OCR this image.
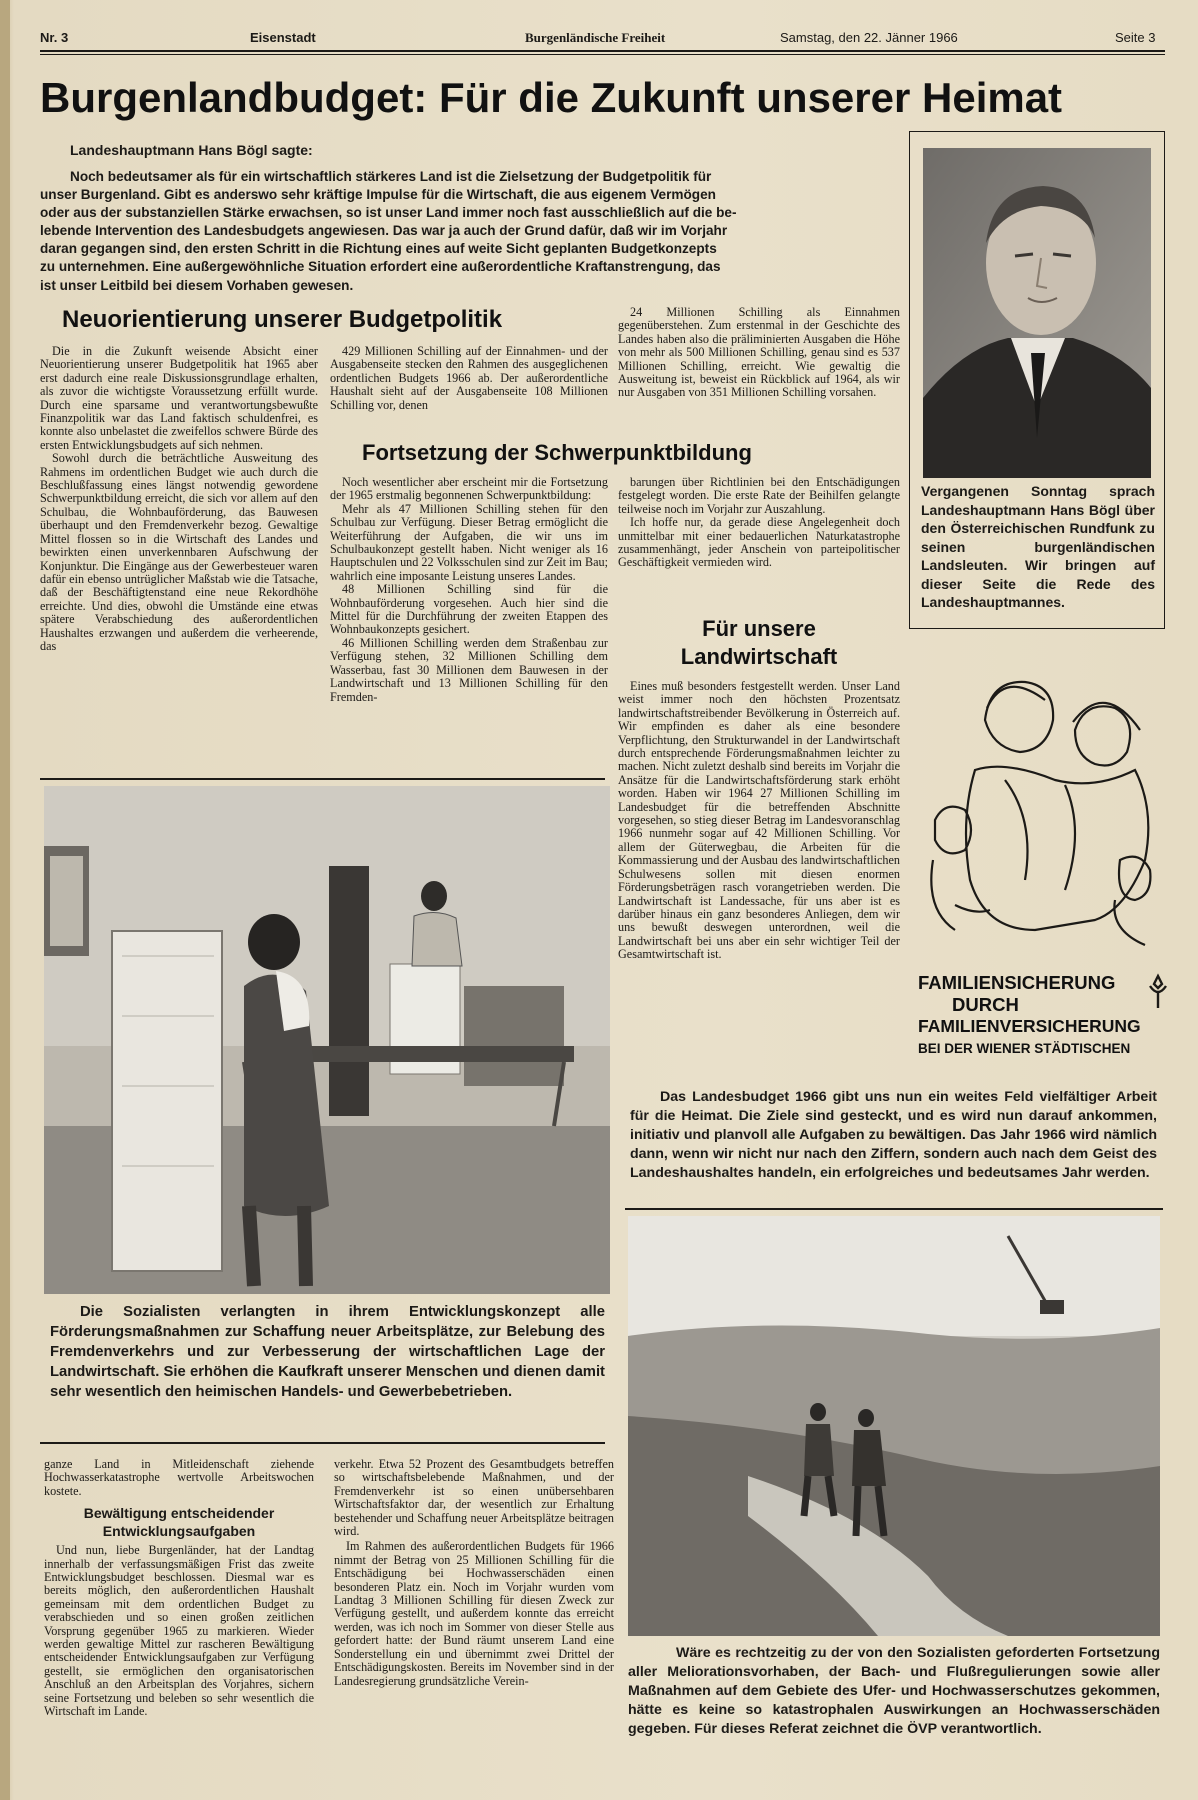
Nr. 3	Eisenstadt	Burgenländische Freiheit	Samstag, den 22. Jänner 1966	Seite 3
Burgenlandbudget: Für die Zukunft unserer Heimat
Landeshauptmann Hans Bögl sagte:
Noch bedeutsamer als für ein wirtschaftlich stärkeres Land ist die Zielsetzung der Budgetpolitik für
unser Burgenland. Gibt es anderswo sehr kräftige Impulse für die Wirtschaft, die aus eigenem Vermögen
oder aus der substanziellen Stärke erwachsen, so ist unser Land immer noch fast ausschließlich auf die be-
lebende Intervention des Landesbudgets angewiesen. Das war ja auch der Grund dafür, daß wir im Vorjahr
daran gegangen sind, den ersten Schritt in die Richtung eines auf weite Sicht geplanten Budgetkonzepts
zu unternehmen. Eine außergewöhnliche Situation erfordert eine außerordentliche Kraftanstrengung, das
ist unser Leitbild bei diesem Vorhaben gewesen.
Vergangenen Sonntag sprach Landeshauptmann Hans Bögl über den Österreichischen Rundfunk zu seinen burgenländischen Landsleuten. Wir bringen auf dieser Seite die Rede des Landeshauptmannes.
Neuorientierung unserer Budgetpolitik

Die in die Zukunft weisende Absicht einer Neuorientierung unserer Budgetpolitik hat 1965 aber erst dadurch eine reale Diskussionsgrundlage erhalten, als zuvor die wichtigste Voraussetzung erfüllt wurde. Durch eine sparsame und verantwortungsbewußte Finanzpolitik war das Land faktisch schuldenfrei, es konnte also unbelastet die zweifellos schwere Bürde des ersten Entwicklungsbudgets auf sich nehmen.

Sowohl durch die beträchtliche Ausweitung des Rahmens im ordentlichen Budget wie auch durch die Beschlußfassung eines längst notwendig gewordene Schwerpunktbildung erreicht, die sich vor allem auf den Schulbau, die Wohnbauförderung, das Bauwesen überhaupt und den Fremdenverkehr bezog. Gewaltige Mittel flossen so in die Wirtschaft des Landes und bewirkten einen unverkennbaren Aufschwung der Konjunktur. Die Eingänge aus der Gewerbesteuer waren dafür ein ebenso untrüglicher Maßstab wie die Tatsache, daß der Beschäftigtenstand eine neue Rekordhöhe erreichte. Und dies, obwohl die Umstände eine etwas spätere Verabschiedung des außerordentlichen Haushaltes erzwangen und außerdem die verheerende, das

429 Millionen Schilling auf der Einnahmen- und der Ausgabenseite stecken den Rahmen des ausgeglichenen ordentlichen Budgets 1966 ab. Der außerordentliche Haushalt sieht auf der Ausgabenseite 108 Millionen Schilling vor, denen

24 Millionen Schilling als Einnahmen gegenüberstehen. Zum erstenmal in der Geschichte des Landes haben also die präliminierten Ausgaben die Höhe von mehr als 500 Millionen Schilling, genau sind es 537 Millionen Schilling, erreicht. Wie gewaltig die Ausweitung ist, beweist ein Rückblick auf 1964, als wir nur Ausgaben von 351 Millionen Schilling vorsahen.

Fortsetzung der Schwerpunktbildung

Noch wesentlicher aber erscheint mir die Fortsetzung der 1965 erstmalig begonnenen Schwerpunktbildung:

Mehr als 47 Millionen Schilling stehen für den Schulbau zur Verfügung. Dieser Betrag ermöglicht die Weiterführung der Aufgaben, die wir uns im Schulbaukonzept gestellt haben. Nicht weniger als 16 Hauptschulen und 22 Volksschulen sind zur Zeit im Bau; wahrlich eine imposante Leistung unseres Landes.

48 Millionen Schilling sind für die Wohnbauförderung vorgesehen. Auch hier sind die Mittel für die Durchführung der zweiten Etappen des Wohnbaukonzepts gesichert.

46 Millionen Schilling werden dem Straßenbau zur Verfügung stehen, 32 Millionen Schilling dem Wasserbau, fast 30 Millionen dem Bauwesen in der Landwirtschaft und 13 Millionen Schilling für den Fremden-

barungen über Richtlinien bei den Entschädigungen festgelegt worden. Die erste Rate der Beihilfen gelangte teilweise noch im Vorjahr zur Auszahlung.

Ich hoffe nur, da gerade diese Angelegenheit doch unmittelbar mit einer bedauerlichen Naturkatastrophe zusammenhängt, jeder Anschein von parteipolitischer Geschäftigkeit vermieden wird.

Für unsere
Landwirtschaft

Eines muß besonders festgestellt werden. Unser Land weist immer noch den höchsten Prozentsatz landwirtschaftstreibender Bevölkerung in Österreich auf. Wir empfinden es daher als eine besondere Verpflichtung, den Strukturwandel in der Landwirtschaft durch entsprechende Förderungsmaßnahmen leichter zu machen. Nicht zuletzt deshalb sind bereits im Vorjahr die Ansätze für die Landwirtschaftsförderung stark erhöht worden. Haben wir 1964 27 Millionen Schilling im Landesbudget für die betreffenden Abschnitte vorgesehen, so stieg dieser Betrag im Landesvoranschlag 1966 nunmehr sogar auf 42 Millionen Schilling. Vor allem der Güterwegbau, die Arbeiten für die Kommassierung und der Ausbau des landwirtschaftlichen Schulwesens sollen mit diesen enormen Förderungsbeträgen rasch vorangetrieben werden. Die Landwirtschaft ist Landessache, für uns aber ist es darüber hinaus ein ganz besonderes Anliegen, dem wir uns bewußt deswegen unterordnen, weil die Landwirtschaft bei uns aber ein sehr wichtiger Teil der Gesamtwirtschaft ist.

FAMILIENSICHERUNG
DURCH
FAMILIENVERSICHERUNG
BEI DER WIENER STÄDTISCHEN
Das Landesbudget 1966 gibt uns nun ein weites Feld vielfältiger Arbeit für die Heimat. Die Ziele sind gesteckt, und es wird nun darauf ankommen, initiativ und planvoll alle Aufgaben zu bewältigen. Das Jahr 1966 wird nämlich dann, wenn wir nicht nur nach den Ziffern, sondern auch nach dem Geist des Landeshaushaltes handeln, ein erfolgreiches und bedeutsames Jahr werden.
Die Sozialisten verlangten in ihrem Entwicklungskonzept alle Förderungsmaßnahmen zur Schaffung neuer Arbeitsplätze, zur Belebung des Fremdenverkehrs und zur Verbesserung der wirtschaftlichen Lage der Landwirtschaft. Sie erhöhen die Kaufkraft unserer Menschen und dienen damit sehr wesentlich den heimischen Handels- und Gewerbebetrieben.
Wäre es rechtzeitig zu der von den Sozialisten geforderten Fortsetzung aller Meliorationsvorhaben, der Bach- und Flußregulierungen sowie aller Maßnahmen auf dem Gebiete des Ufer- und Hochwasserschutzes gekommen, hätte es keine so katastrophalen Auswirkungen an Hochwasserschäden gegeben. Für dieses Referat zeichnet die ÖVP verantwortlich.
ganze Land in Mitleidenschaft ziehende Hochwasserkatastrophe wertvolle Arbeitswochen kostete.
Bewältigung entscheidender
Entwicklungsaufgaben

Und nun, liebe Burgenländer, hat der Landtag innerhalb der verfassungsmäßigen Frist das zweite Entwicklungsbudget beschlossen. Diesmal war es bereits möglich, den außerordentlichen Haushalt gemeinsam mit dem ordentlichen Budget zu verabschieden und so einen großen zeitlichen Vorsprung gegenüber 1965 zu markieren. Wieder werden gewaltige Mittel zur rascheren Bewältigung entscheidender Entwicklungsaufgaben zur Verfügung gestellt, sie ermöglichen den organisatorischen Anschluß an den Arbeitsplan des Vorjahres, sichern seine Fortsetzung und beleben so sehr wesentlich die Wirtschaft im Lande.

verkehr. Etwa 52 Prozent des Gesamtbudgets betreffen so wirtschaftsbelebende Maßnahmen, und der Fremdenverkehr ist so einen unübersehbaren Wirtschaftsfaktor dar, der wesentlich zur Erhaltung bestehender und Schaffung neuer Arbeitsplätze beitragen wird.

Im Rahmen des außerordentlichen Budgets für 1966 nimmt der Betrag von 25 Millionen Schilling für die Entschädigung bei Hochwasserschäden einen besonderen Platz ein. Noch im Vorjahr wurden vom Landtag 3 Millionen Schilling für diesen Zweck zur Verfügung gestellt, und außerdem konnte das erreicht werden, was ich noch im Sommer von dieser Stelle aus gefordert hatte: der Bund räumt unserem Land eine Sonderstellung ein und übernimmt zwei Drittel der Entschädigungskosten. Bereits im November sind in der Landesregierung grundsätzliche Verein-
